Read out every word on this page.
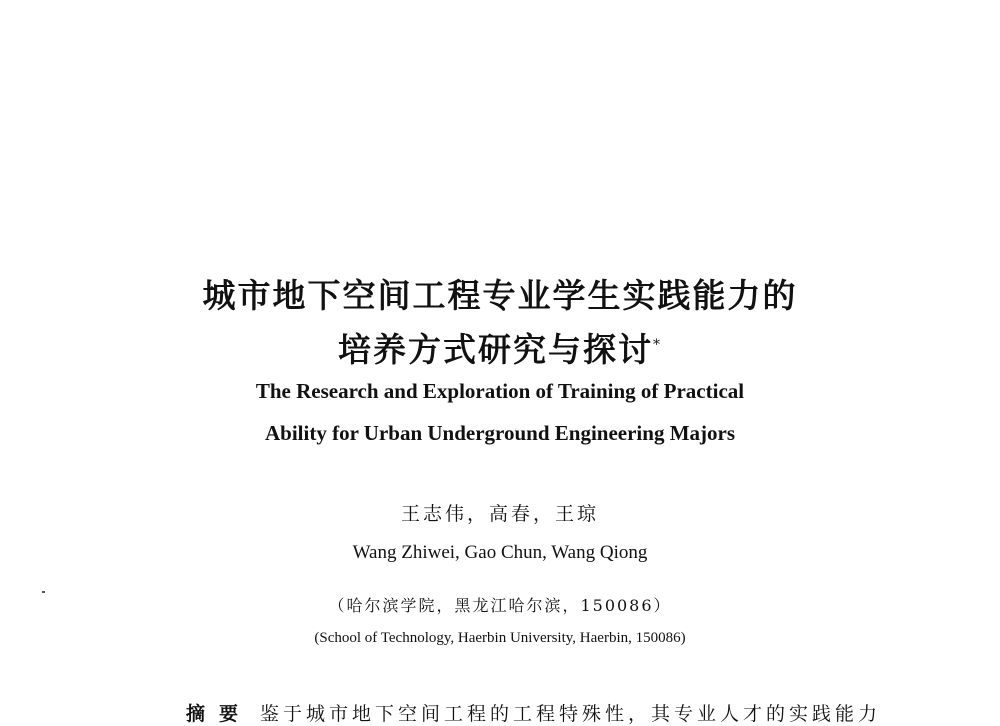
城市地下空间工程专业学生实践能力的
培养方式研究与探讨*
The Research and Exploration of Training of Practical
Ability for Urban Underground Engineering Majors
王志伟，高春，王琼
Wang Zhiwei, Gao Chun, Wang Qiong
（哈尔滨学院，黑龙江哈尔滨，150086）
(School of Technology, Haerbin University, Haerbin, 150086)
摘要 鉴于城市地下空间工程的工程特殊性，其专业人才的实践能力
